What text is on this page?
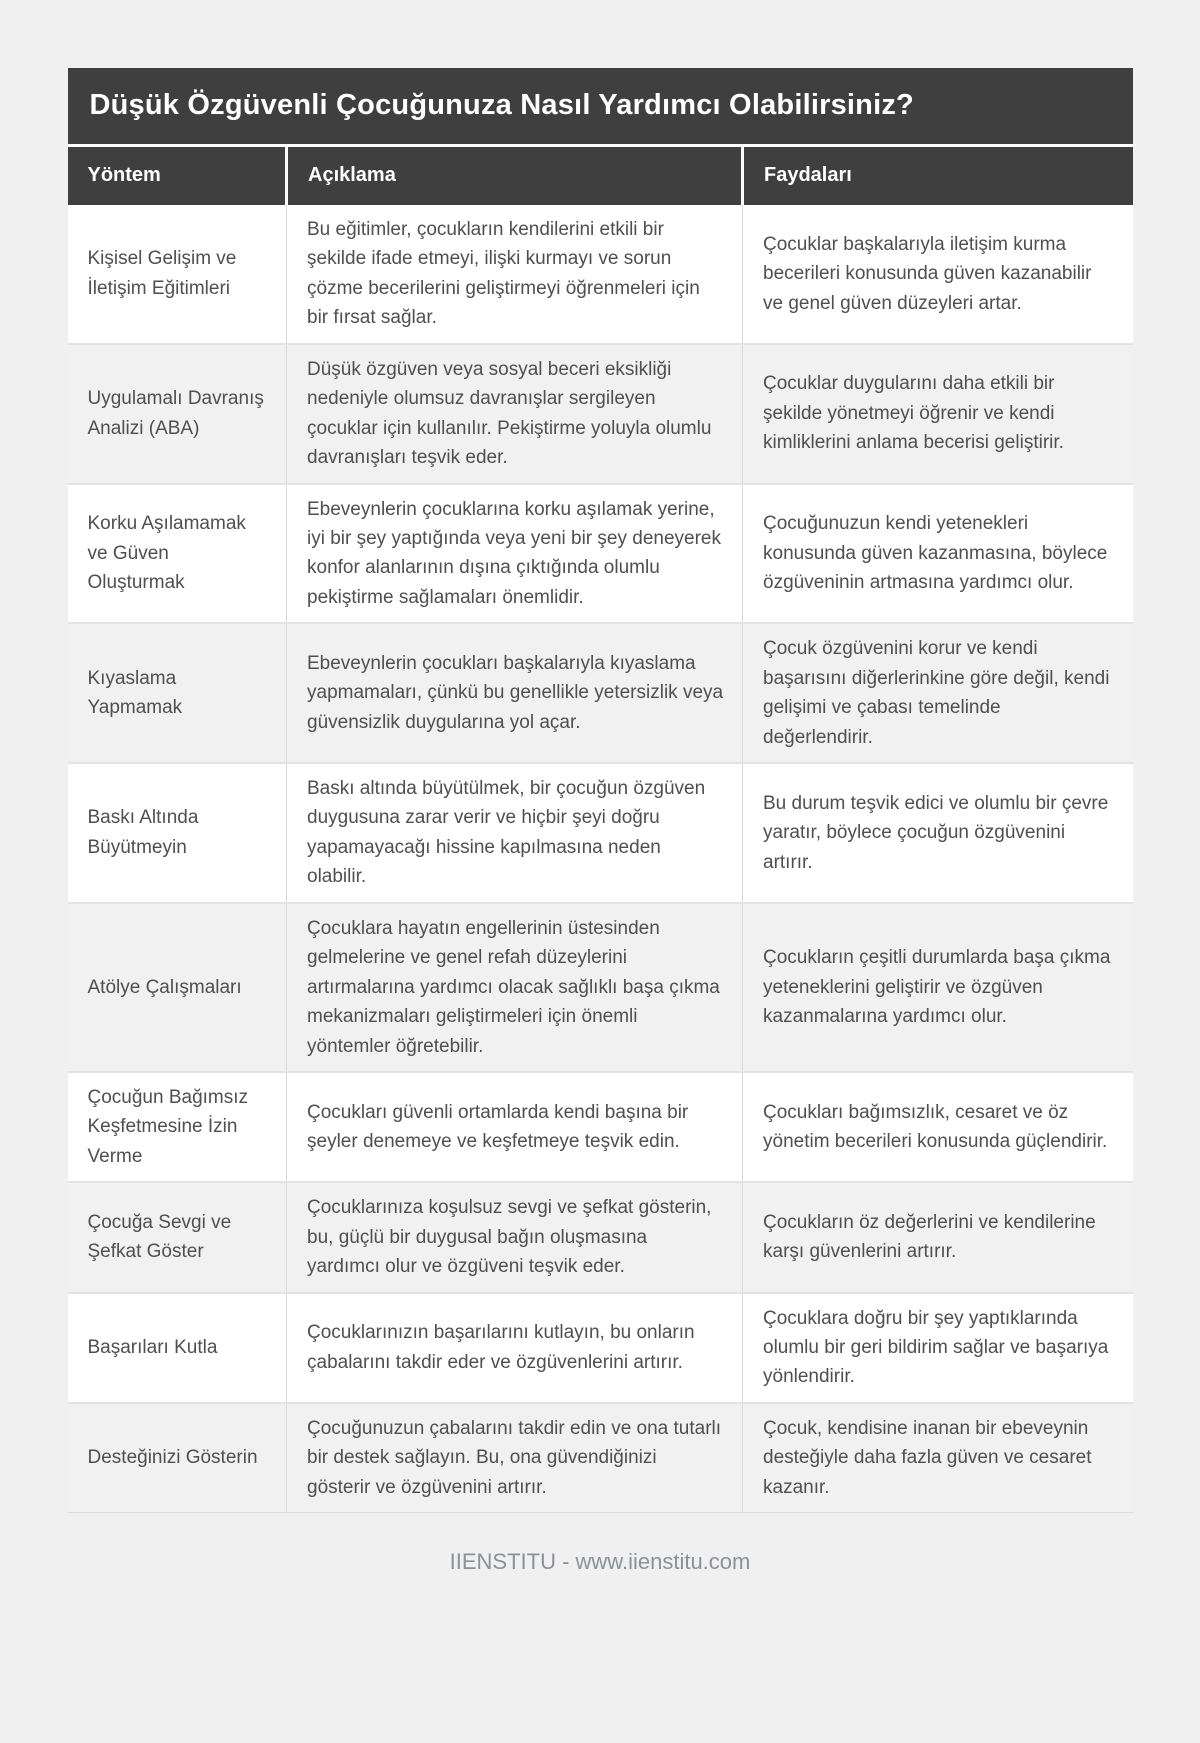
Düşük Özgüvenli Çocuğunuza Nasıl Yardımcı Olabilirsiniz?
Yöntem	Açıklama	Faydaları
Kişisel Gelişim ve İletişim Eğitimleri	Bu eğitimler, çocukların kendilerini etkili bir şekilde ifade etmeyi, ilişki kurmayı ve sorun çözme becerilerini geliştirmeyi öğrenmeleri için bir fırsat sağlar.	Çocuklar başkalarıyla iletişim kurma becerileri konusunda güven kazanabilir ve genel güven düzeyleri artar.
Uygulamalı Davranış Analizi (ABA)	Düşük özgüven veya sosyal beceri eksikliği nedeniyle olumsuz davranışlar sergileyen çocuklar için kullanılır. Pekiştirme yoluyla olumlu davranışları teşvik eder.	Çocuklar duygularını daha etkili bir şekilde yönetmeyi öğrenir ve kendi kimliklerini anlama becerisi geliştirir.
Korku Aşılamamak ve Güven Oluşturmak	Ebeveynlerin çocuklarına korku aşılamak yerine, iyi bir şey yaptığında veya yeni bir şey deneyerek konfor alanlarının dışına çıktığında olumlu pekiştirme sağlamaları önemlidir.	Çocuğunuzun kendi yetenekleri konusunda güven kazanmasına, böylece özgüveninin artmasına yardımcı olur.
Kıyaslama Yapmamak	Ebeveynlerin çocukları başkalarıyla kıyaslama yapmamaları, çünkü bu genellikle yetersizlik veya güvensizlik duygularına yol açar.	Çocuk özgüvenini korur ve kendi başarısını diğerlerinkine göre değil, kendi gelişimi ve çabası temelinde değerlendirir.
Baskı Altında Büyütmeyin	Baskı altında büyütülmek, bir çocuğun özgüven duygusuna zarar verir ve hiçbir şeyi doğru yapamayacağı hissine kapılmasına neden olabilir.	Bu durum teşvik edici ve olumlu bir çevre yaratır, böylece çocuğun özgüvenini artırır.
Atölye Çalışmaları	Çocuklara hayatın engellerinin üstesinden gelmelerine ve genel refah düzeylerini artırmalarına yardımcı olacak sağlıklı başa çıkma mekanizmaları geliştirmeleri için önemli yöntemler öğretebilir.	Çocukların çeşitli durumlarda başa çıkma yeteneklerini geliştirir ve özgüven kazanmalarına yardımcı olur.
Çocuğun Bağımsız Keşfetmesine İzin Verme	Çocukları güvenli ortamlarda kendi başına bir şeyler denemeye ve keşfetmeye teşvik edin.	Çocukları bağımsızlık, cesaret ve öz yönetim becerileri konusunda güçlendirir.
Çocuğa Sevgi ve Şefkat Göster	Çocuklarınıza koşulsuz sevgi ve şefkat gösterin, bu, güçlü bir duygusal bağın oluşmasına yardımcı olur ve özgüveni teşvik eder.	Çocukların öz değerlerini ve kendilerine karşı güvenlerini artırır.
Başarıları Kutla	Çocuklarınızın başarılarını kutlayın, bu onların çabalarını takdir eder ve özgüvenlerini artırır.	Çocuklara doğru bir şey yaptıklarında olumlu bir geri bildirim sağlar ve başarıya yönlendirir.
Desteğinizi Gösterin	Çocuğunuzun çabalarını takdir edin ve ona tutarlı bir destek sağlayın. Bu, ona güvendiğinizi gösterir ve özgüvenini artırır.	Çocuk, kendisine inanan bir ebeveynin desteğiyle daha fazla güven ve cesaret kazanır.
IIENSTITU - www.iienstitu.com
